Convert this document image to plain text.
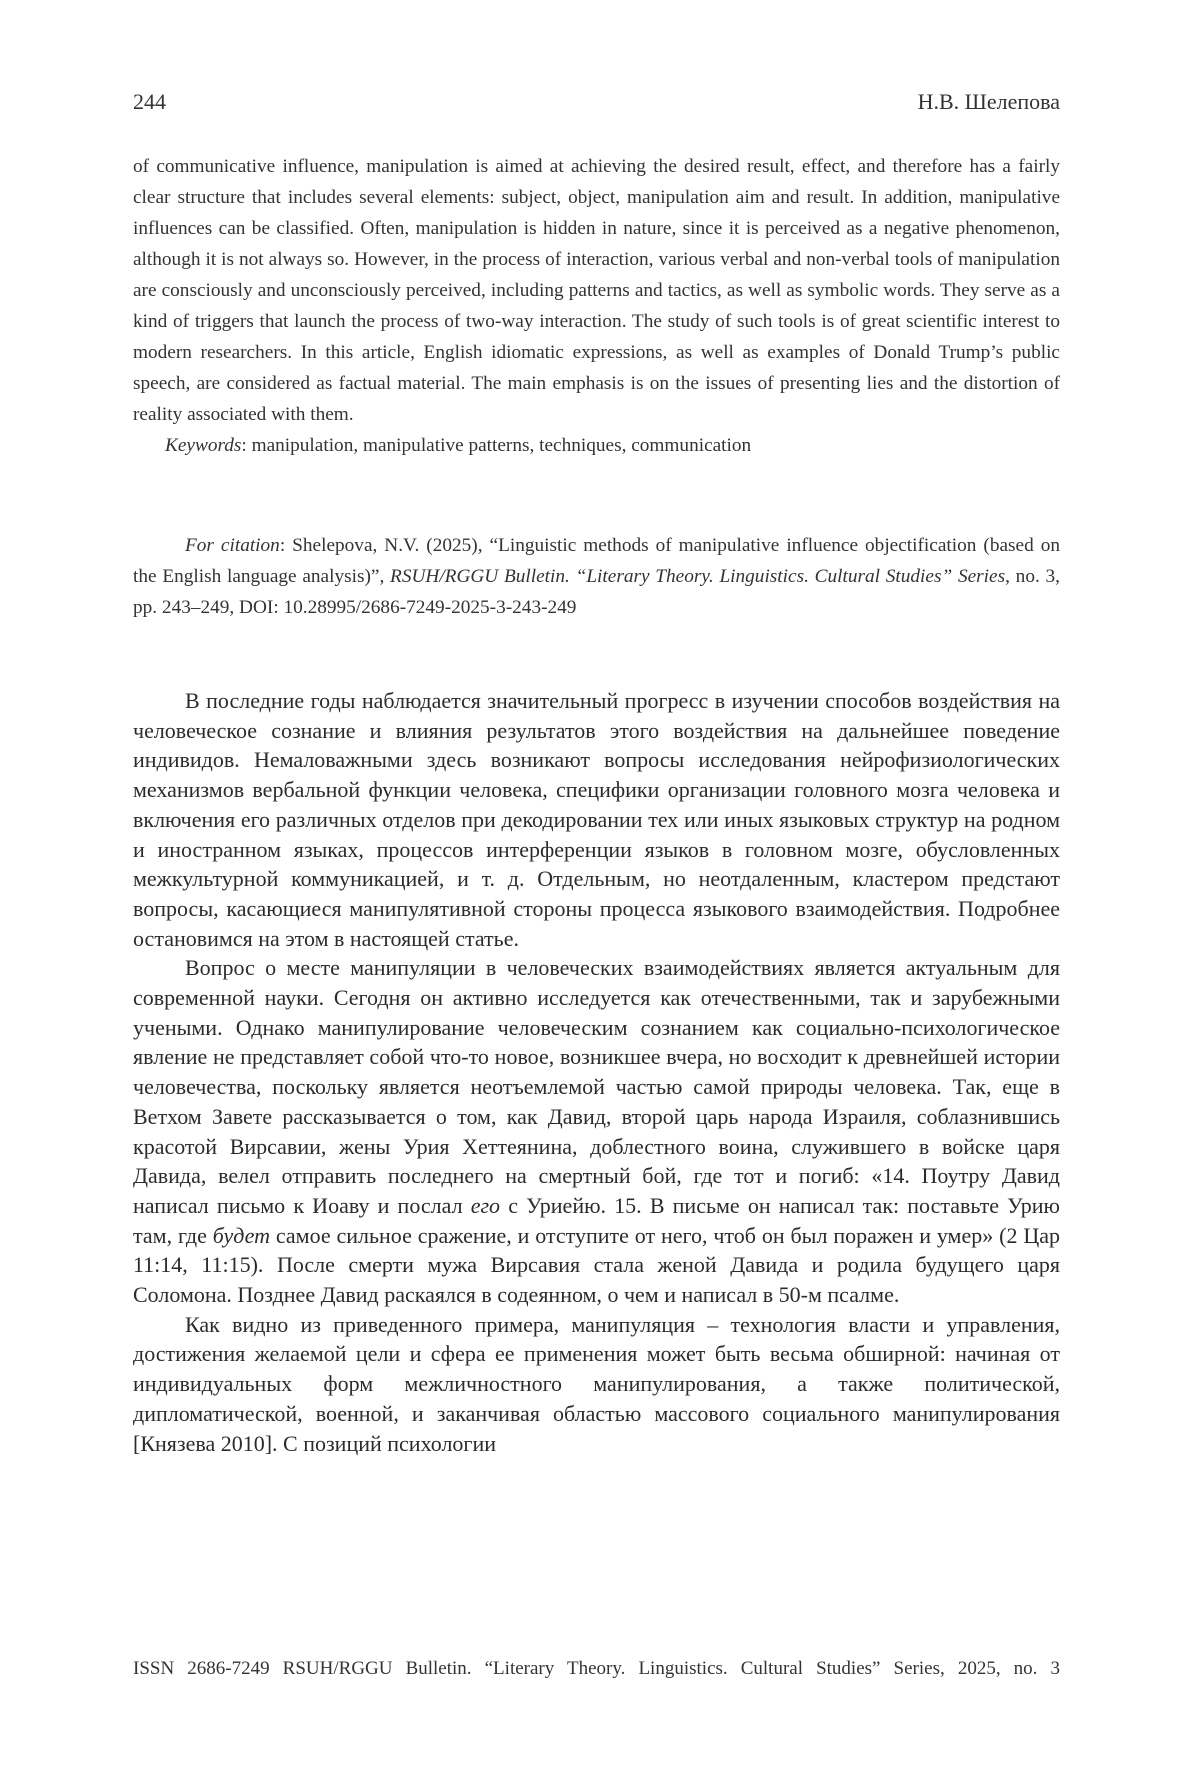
244	Н.В. Шелепова

of communicative influence, manipulation is aimed at achieving the desired result, effect, and therefore has a fairly clear structure that includes several elements: subject, object, manipulation aim and result. In addition, manipulative influences can be classified. Often, manipulation is hidden in nature, since it is perceived as a negative phenomenon, although it is not always so. However, in the process of interaction, various verbal and non-verbal tools of manipulation are consciously and unconsciously perceived, including patterns and tactics, as well as symbolic words. They serve as a kind of triggers that launch the process of two-way interaction. The study of such tools is of great scientific interest to modern researchers. In this article, English idiomatic expressions, as well as examples of Donald Trump’s public speech, are considered as factual material. The main emphasis is on the issues of presenting lies and the distortion of reality associated with them.

Keywords: manipulation, manipulative patterns, techniques, communication

For citation: Shelepova, N.V. (2025), “Linguistic methods of manipulative influence objectification (based on the English language analysis)”, RSUH/RGGU Bulletin. “Literary Theory. Linguistics. Cultural Studies” Series, no. 3, pp. 243–249, DOI: 10.28995/2686-7249-2025-3-243-249

В последние годы наблюдается значительный прогресс в изучении способов воздействия на человеческое сознание и влияния результатов этого воздействия на дальнейшее поведение индивидов. Немаловажными здесь возникают вопросы исследования нейрофизиологических механизмов вербальной функции человека, специфики организации головного мозга человека и включения его различных отделов при декодировании тех или иных языковых структур на родном и иностранном языках, процессов интерференции языков в головном мозге, обусловленных межкультурной коммуникацией, и т. д. Отдельным, но неотдаленным, кластером предстают вопросы, касающиеся манипулятивной стороны процесса языкового взаимодействия. Подробнее остановимся на этом в настоящей статье.

Вопрос о месте манипуляции в человеческих взаимодействиях является актуальным для современной науки. Сегодня он активно исследуется как отечественными, так и зарубежными учеными. Однако манипулирование человеческим сознанием как социально-психологическое явление не представляет собой что-то новое, возникшее вчера, но восходит к древнейшей истории человечества, поскольку является неотъемлемой частью самой природы человека. Так, еще в Ветхом Завете рассказывается о том, как Давид, второй царь народа Израиля, соблазнившись красотой Вирсавии, жены Урия Хеттеянина, доблестного воина, служившего в войске царя Давида, велел отправить последнего на смертный бой, где тот и погиб: «14. Поутру Давид написал письмо к Иоаву и послал его с Уриейю. 15. В письме он написал так: поставьте Урию там, где будет самое сильное сражение, и отступите от него, чтоб он был поражен и умер» (2 Цар 11:14, 11:15). После смерти мужа Вирсавия стала женой Давида и родила будущего царя Соломона. Позднее Давид раскаялся в содеянном, о чем и написал в 50-м псалме.

Как видно из приведенного примера, манипуляция – технология власти и управления, достижения желаемой цели и сфера ее применения может быть весьма обширной: начиная от индивидуальных форм межличностного манипулирования, а также политической, дипломатической, военной, и заканчивая областью массового социального манипулирования [Князева 2010]. С позиций психологии

ISSN 2686-7249 RSUH/RGGU Bulletin. “Literary Theory. Linguistics. Cultural Studies” Series, 2025, no. 3
